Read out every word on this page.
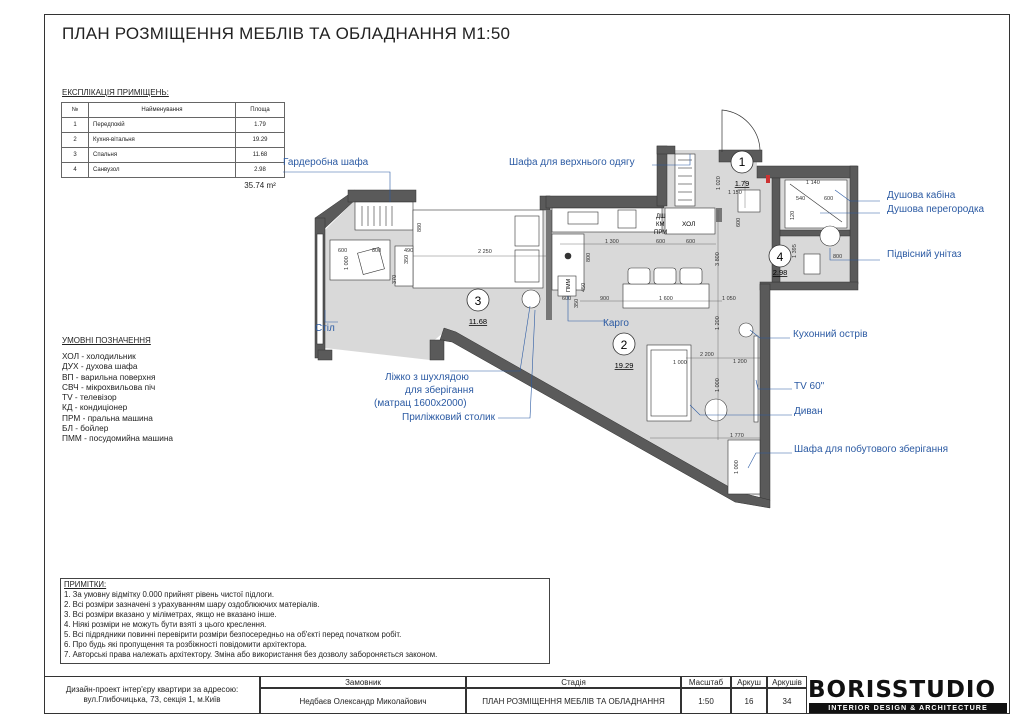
ПЛАН РОЗМІЩЕННЯ МЕБЛІВ ТА ОБЛАДНАННЯ М1:50
ЕКСПЛІКАЦІЯ ПРИМІЩЕНЬ:
№	Найменування	Площа
1	Передпокій	1.79
2	Кухня-вітальня	19.29
3	Спальня	11.68
4	Санвузол	2.98
		35.74 m²
УМОВНІ ПОЗНАЧЕННЯ
ХОЛ - холодильник
ДУХ - духова шафа
ВП - варильна поверхня
СВЧ - мікрохвильова піч
TV - телевізор
КД - кондиціонер
ПРМ - пральна машина
БЛ - бойлер
ПММ - посудомийна машина
1
1.79
2
19.29
3
11.68
4
2.98
ДШ
КМ
ПРМ
ХОЛ
ПММ
2 250
880
600	800
1 000
490
350
370
1 300	600	600
600
800
900	1 600	1 050
2 200
1 200
1 000
1 770
1 000
1 150
1 020	1 140
540	600
1 395	800
3 800
450
350
1 000
1 200
600
120
Гардеробна шафа	Шафа для верхнього одягу
Душова кабіна
Душова перегородка
Підвісний унітаз
Стіл	Карго
Кухонний острів
Ліжко з шухлядою
для зберігання
(матрац 1600x2000)
Приліжковий столик
TV 60"
Диван
Шафа для побутового зберігання
ПРИМІТКИ:
1. За умовну відмітку 0.000 прийнят рівень чистої підлоги.
2. Всі розміри зазначені з урахуванням шару оздоблюючих матеріалів.
3. Всі розміри вказано у міліметрах, якщо не вказано інше.
4. Ніякі розміри не можуть бути взяті з цього креслення.
5. Всі підрядники повинні перевірити розміри безпосередньо на об'єкті перед початком робіт.
6. Про будь які пропущення та розбіжності повідомити архітектора.
7. Авторські права належать архітектору. Зміна або використання без дозволу забороняється законом.
Дизайн-проект інтер'єру квартири за адресою:
вул.Глибочицька, 73, секція 1, м.Київ
Замовник
Недбаєв Олександр Миколайович
Стадія
ПЛАН РОЗМІЩЕННЯ МЕБЛІВ ТА ОБЛАДНАННЯ
Масштаб
1:50
Аркуш
16
Аркушів
34 BORISSTUDIO
INTERIOR DESIGN & ARCHITECTURE
